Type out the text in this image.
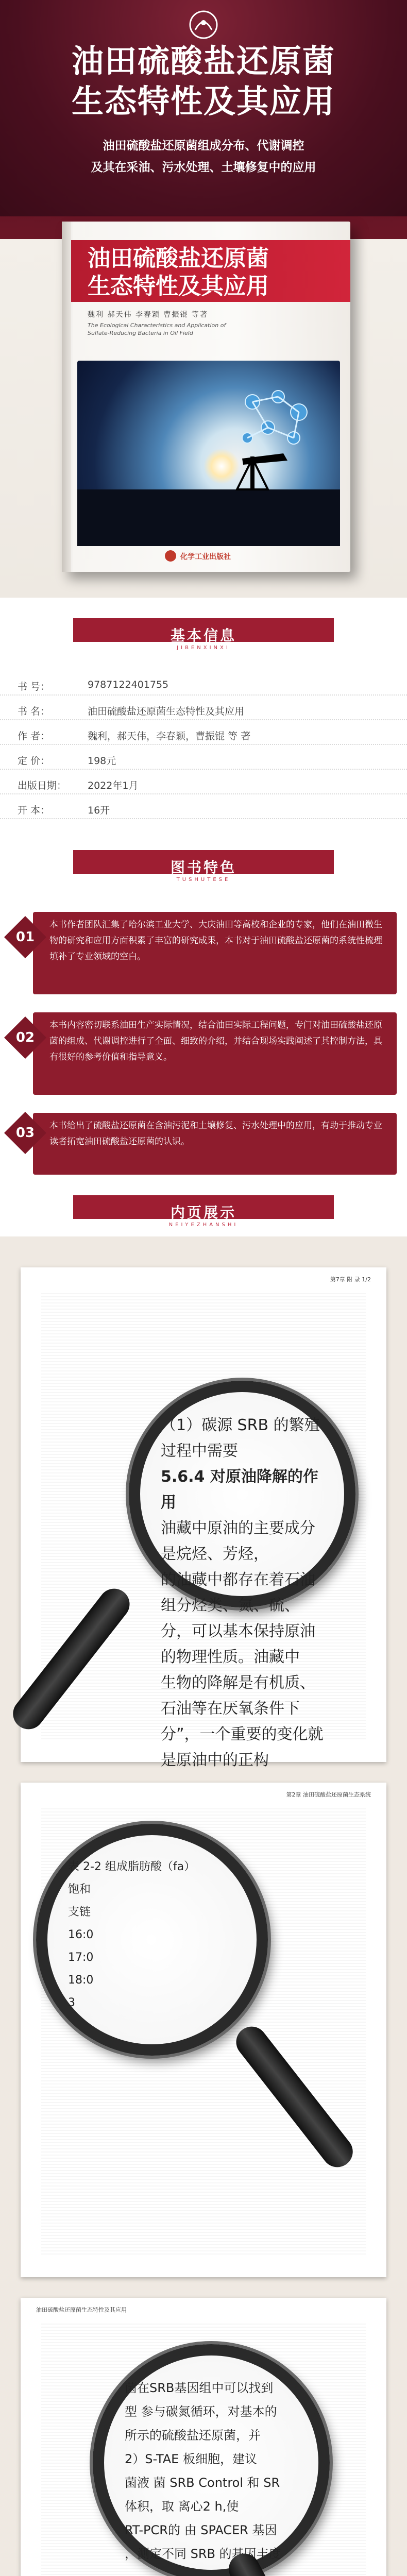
油田硫酸盐还原菌
生态特性及其应用
油田硫酸盐还原菌组成分布、代谢调控
及其在采油、污水处理、土壤修复中的应用
油田硫酸盐还原菌
生态特性及其应用
魏利 郝天伟 李春颖 曹振锟 等著
The Ecological Characteristics and Application of Sulfate-Reducing Bacteria in Oil Field
化学工业出版社
基本信息
JIBENXINXI
书 号：	9787122401755
书 名：	油田硫酸盐还原菌生态特性及其应用
作 者：	魏利，郝天伟，李春颖，曹振锟 等 著
定 价：	198元
出版日期： 2022年1月
开 本：	16开
图书特色
TUSHUTESE
本书作者团队汇集了哈尔滨工业大学、大庆油田等高校和企业的专家，他们在油田微生物的研究和应用方面积累了丰富的研究成果，本书对于油田硫酸盐还原菌的系统性梳理填补了专业领域的空白。
01
本书内容密切联系油田生产实际情况，结合油田实际工程问题，专门对油田硫酸盐还原菌的组成、代谢调控进行了全面、细致的介绍，并结合现场实践阐述了其控制方法，具有很好的参考价值和指导意义。
02
本书给出了硫酸盐还原菌在含油污泥和土壤修复、污水处理中的应用，有助于推动专业读者拓宽油田硫酸盐还原菌的认识。
03
内页展示
NEIYEZHANSHI
第7章 附 录 1/2
（1）碳源 SRB 的繁殖过程中需要
5.6.4 对原油降解的作用
油藏中原油的主要成分是烷烃、芳烃，
的油藏中都存在着石油组分烃类、氮、硫、
分，可以基本保持原油的物理性质。油藏中
生物的降解是有机质、石油等在厌氧条件下
分”，一个重要的变化就是原油中的正构
第2章 油田硫酸盐还原菌生态系统
表 2-2 组成脂肪酸（fa）
饱和
支链
16:0
17:0
18:0
3
油田硫酸盐还原菌生态特性及其应用
菌在SRB基因组中可以找到
型 参与碳氮循环，对基本的
所示的硫酸盐还原菌，并
2）S-TAE 板细胞，建议
菌液 菌 SRB Control 和 SR
体积，取 离心2 h,使
RT-PCR的 由 SPACER 基因
，测定不同 SRB 的基因丰度
